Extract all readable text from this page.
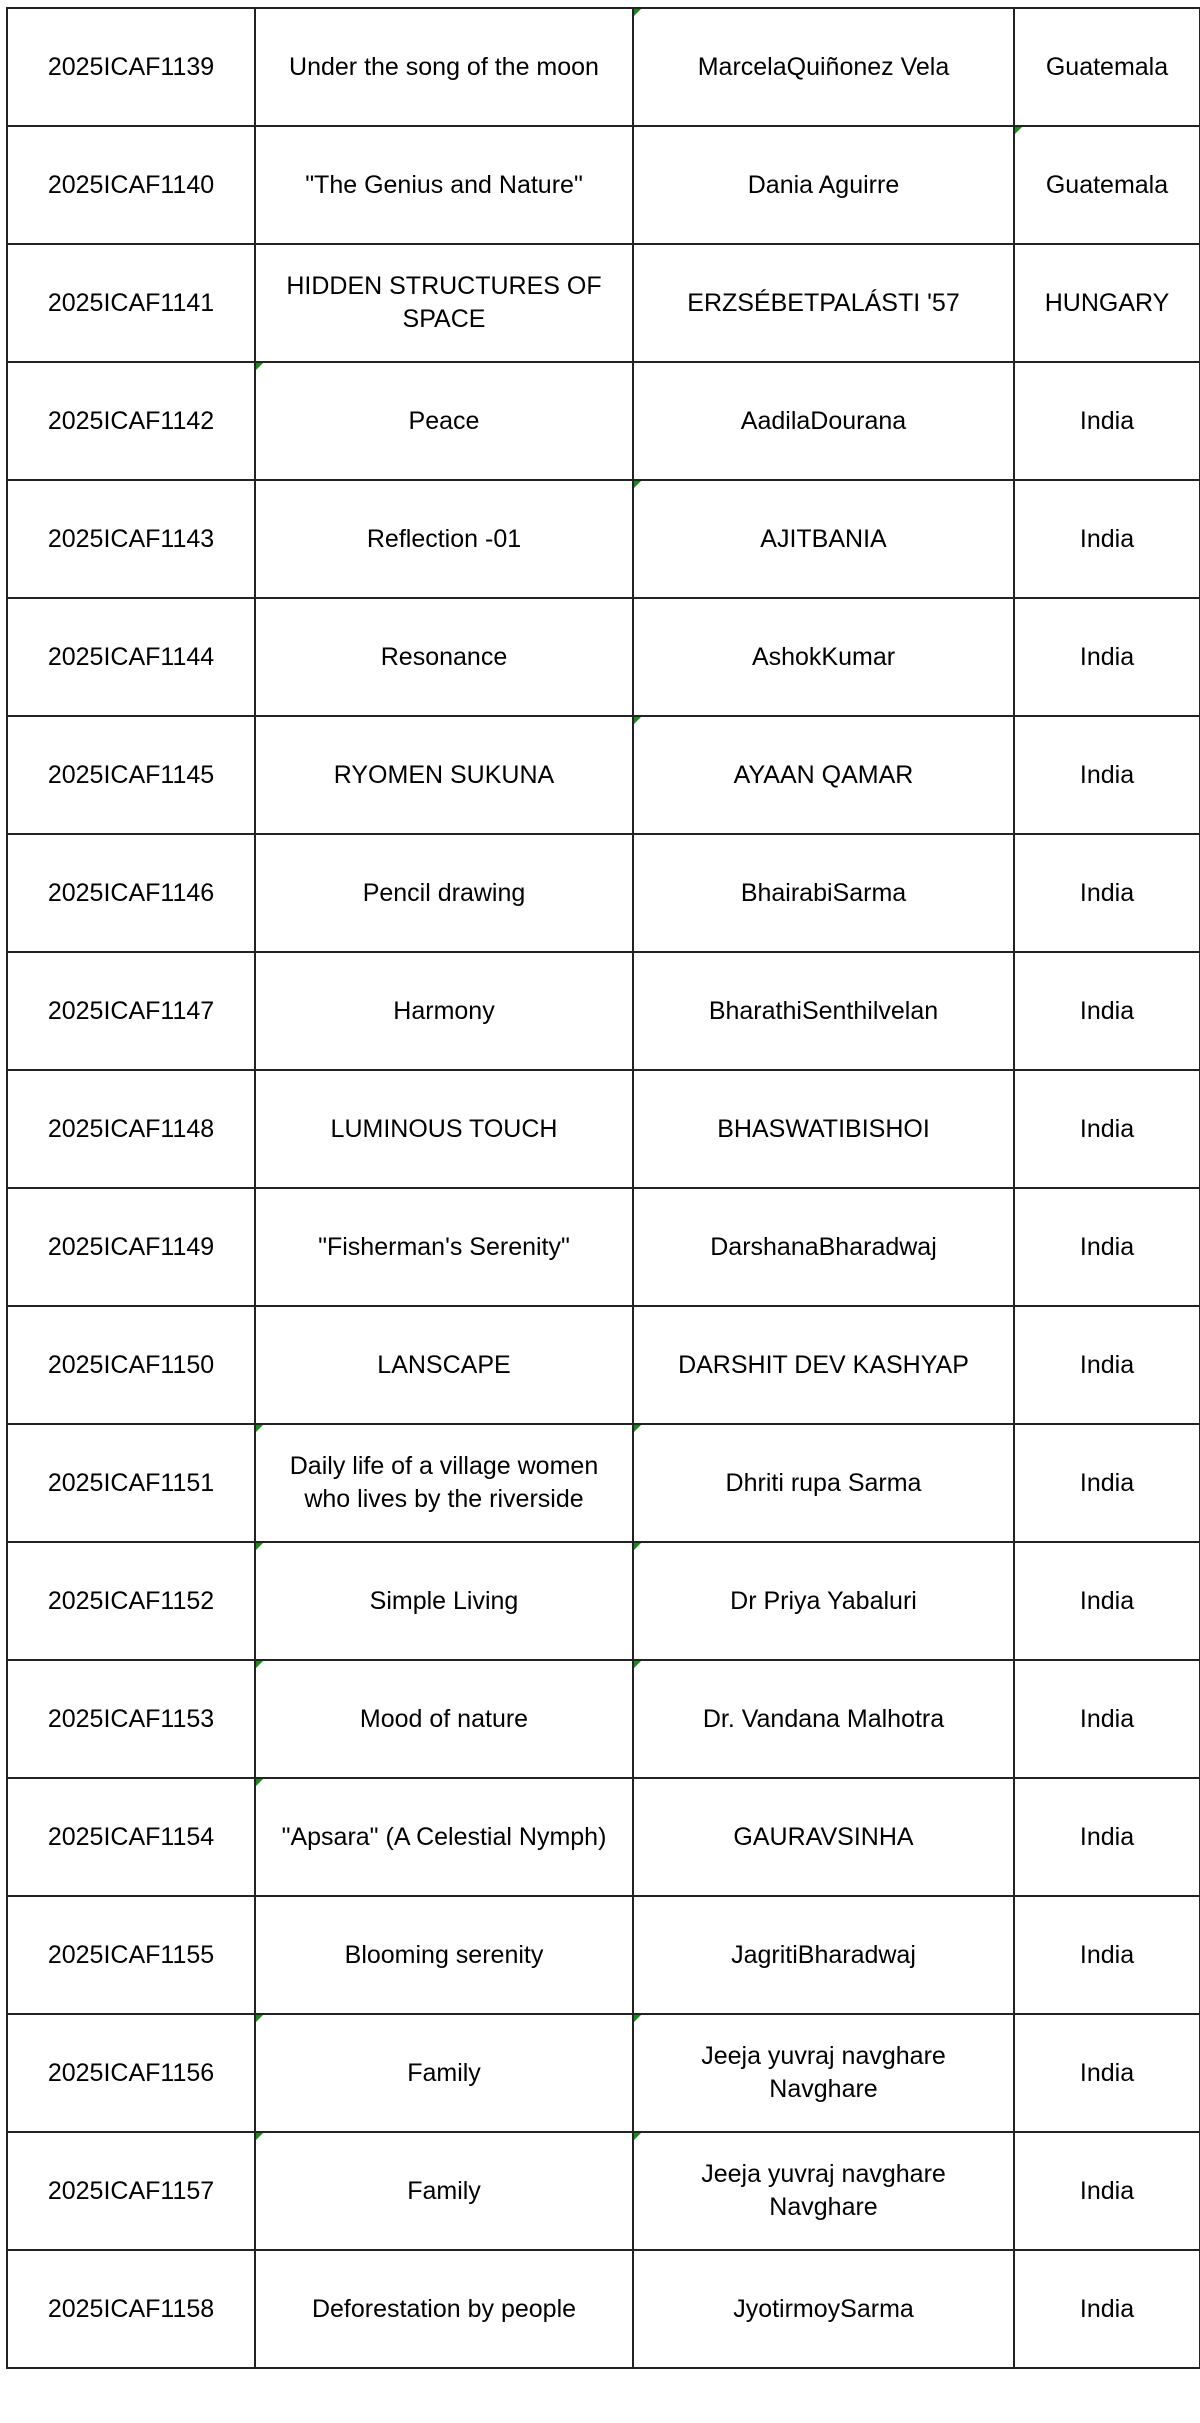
2025ICAF1139	Under the song of the moon	MarcelaQuiñonez Vela	Guatemala
2025ICAF1140	"The Genius and Nature"	Dania Aguirre	Guatemala
2025ICAF1141	HIDDEN STRUCTURES OF SPACE	ERZSÉBETPALÁSTI '57	HUNGARY
2025ICAF1142	Peace	AadilaDourana	India
2025ICAF1143	Reflection -01	AJITBANIA	India
2025ICAF1144	Resonance	AshokKumar	India
2025ICAF1145	RYOMEN SUKUNA	AYAAN QAMAR	India
2025ICAF1146	Pencil drawing	BhairabiSarma	India
2025ICAF1147	Harmony	BharathiSenthilvelan	India
2025ICAF1148	LUMINOUS TOUCH	BHASWATIBISHOI	India
2025ICAF1149	"Fisherman's Serenity"	DarshanaBharadwaj	India
2025ICAF1150	LANSCAPE	DARSHIT DEV KASHYAP	India
2025ICAF1151	Daily life of a village women who lives by the riverside	Dhriti rupa Sarma	India
2025ICAF1152	Simple Living	Dr Priya Yabaluri	India
2025ICAF1153	Mood of nature	Dr. Vandana Malhotra	India
2025ICAF1154	"Apsara" (A Celestial Nymph)	GAURAVSINHA	India
2025ICAF1155	Blooming serenity	JagritiBharadwaj	India
2025ICAF1156	Family	Jeeja yuvraj navghare Navghare	India
2025ICAF1157	Family	Jeeja yuvraj navghare Navghare	India
2025ICAF1158	Deforestation by people	JyotirmoySarma	India
